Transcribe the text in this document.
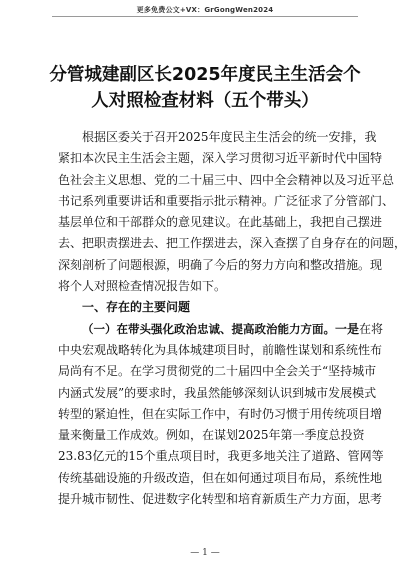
更多免费公文+VX：GrGongWen2024
分管城建副区长2025年度民主生活会个
人对照检查材料（五个带头）
根据区委关于召开2025年度民主生活会的统一安排，我
紧扣本次民主生活会主题，深入学习贯彻习近平新时代中国特
色社会主义思想、党的二十届三中、四中全会精神以及习近平总
书记系列重要讲话和重要指示批示精神。广泛征求了分管部门、
基层单位和干部群众的意见建议。在此基础上，我把自己摆进
去、把职责摆进去、把工作摆进去，深入查摆了自身存在的问题，
深刻剖析了问题根源，明确了今后的努力方向和整改措施。现
将个人对照检查情况报告如下。
一、存在的主要问题
（一）在带头强化政治忠诚、提高政治能力方面。一是在将
中央宏观战略转化为具体城建项目时，前瞻性谋划和系统性布
局尚有不足。在学习贯彻党的二十届四中全会关于“坚持城市
内涵式发展”的要求时，我虽然能够深刻认识到城市发展模式
转型的紧迫性，但在实际工作中，有时仍习惯于用传统项目增
量来衡量工作成效。例如，在谋划2025年第一季度总投资
23.83亿元的15个重点项目时，我更多地关注了道路、管网等
传统基础设施的升级改造，但在如何通过项目布局，系统性地
提升城市韧性、促进数字化转型和培育新质生产力方面，思考
— 1 —
